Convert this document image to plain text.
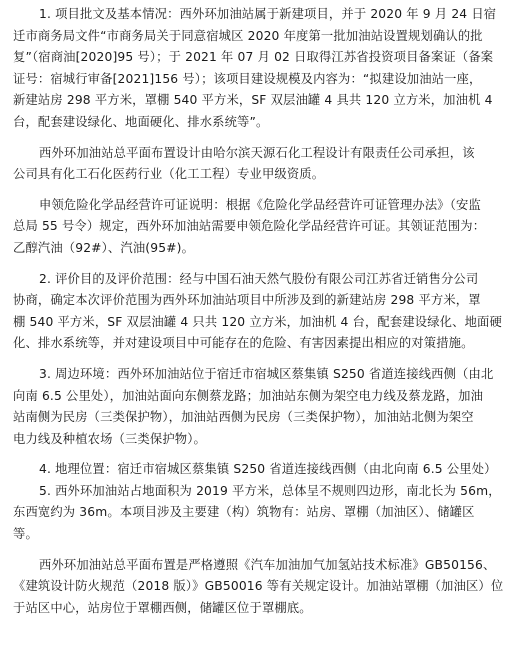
1. 项目批文及基本情况：西外环加油站属于新建项目，并于 2020 年 9 月 24 日宿
迁市商务局文件“市商务局关于同意宿城区 2020 年度第一批加油站设置规划确认的批
复”（宿商油[2020]95 号）；于 2021 年 07 月 02 日取得江苏省投资项目备案证（备案
证号：宿城行审备[2021]156 号）；该项目建设规模及内容为：“拟建设加油站一座，
新建站房 298 平方米，罩棚 540 平方米，SF 双层油罐 4 具共 120 立方米，加油机 4
台，配套建设绿化、地面硬化、排水系统等”。
西外环加油站总平面布置设计由哈尔滨天源石化工程设计有限责任公司承担，该
公司具有化工石化医药行业（化工工程）专业甲级资质。
申领危险化学品经营许可证说明：根据《危险化学品经营许可证管理办法》（安监
总局 55 号令）规定，西外环加油站需要申领危险化学品经营许可证。其领证范围为：
乙醇汽油（92#）、汽油(95#)。
2. 评价目的及评价范围：经与中国石油天然气股份有限公司江苏省迁销售分公司
协商，确定本次评价范围为西外环加油站项目中所涉及到的新建站房 298 平方米，罩
棚 540 平方米，SF 双层油罐 4 只共 120 立方米，加油机 4 台，配套建设绿化、地面硬
化、排水系统等，并对建设项目中可能存在的危险、有害因素提出相应的对策措施。
3. 周边环境：西外环加油站位于宿迁市宿城区蔡集镇 S250 省道连接线西侧（由北
向南 6.5 公里处），加油站面向东侧蔡龙路；加油站东侧为架空电力线及蔡龙路，加油
站南侧为民房（三类保护物），加油站西侧为民房（三类保护物），加油站北侧为架空
电力线及种植农场（三类保护物）。
4. 地理位置：宿迁市宿城区蔡集镇 S250 省道连接线西侧（由北向南 6.5 公里处）
5. 西外环加油站占地面积为 2019 平方米，总体呈不规则四边形，南北长为 56m，
东西宽约为 36m。本项目涉及主要建（构）筑物有：站房、罩棚（加油区）、储罐区
等。
西外环加油站总平面布置是严格遵照《汽车加油加气加氢站技术标准》GB50156、
《建筑设计防火规范（2018 版）》GB50016 等有关规定设计。加油站罩棚（加油区）位
于站区中心，站房位于罩棚西侧，储罐区位于罩棚底。
